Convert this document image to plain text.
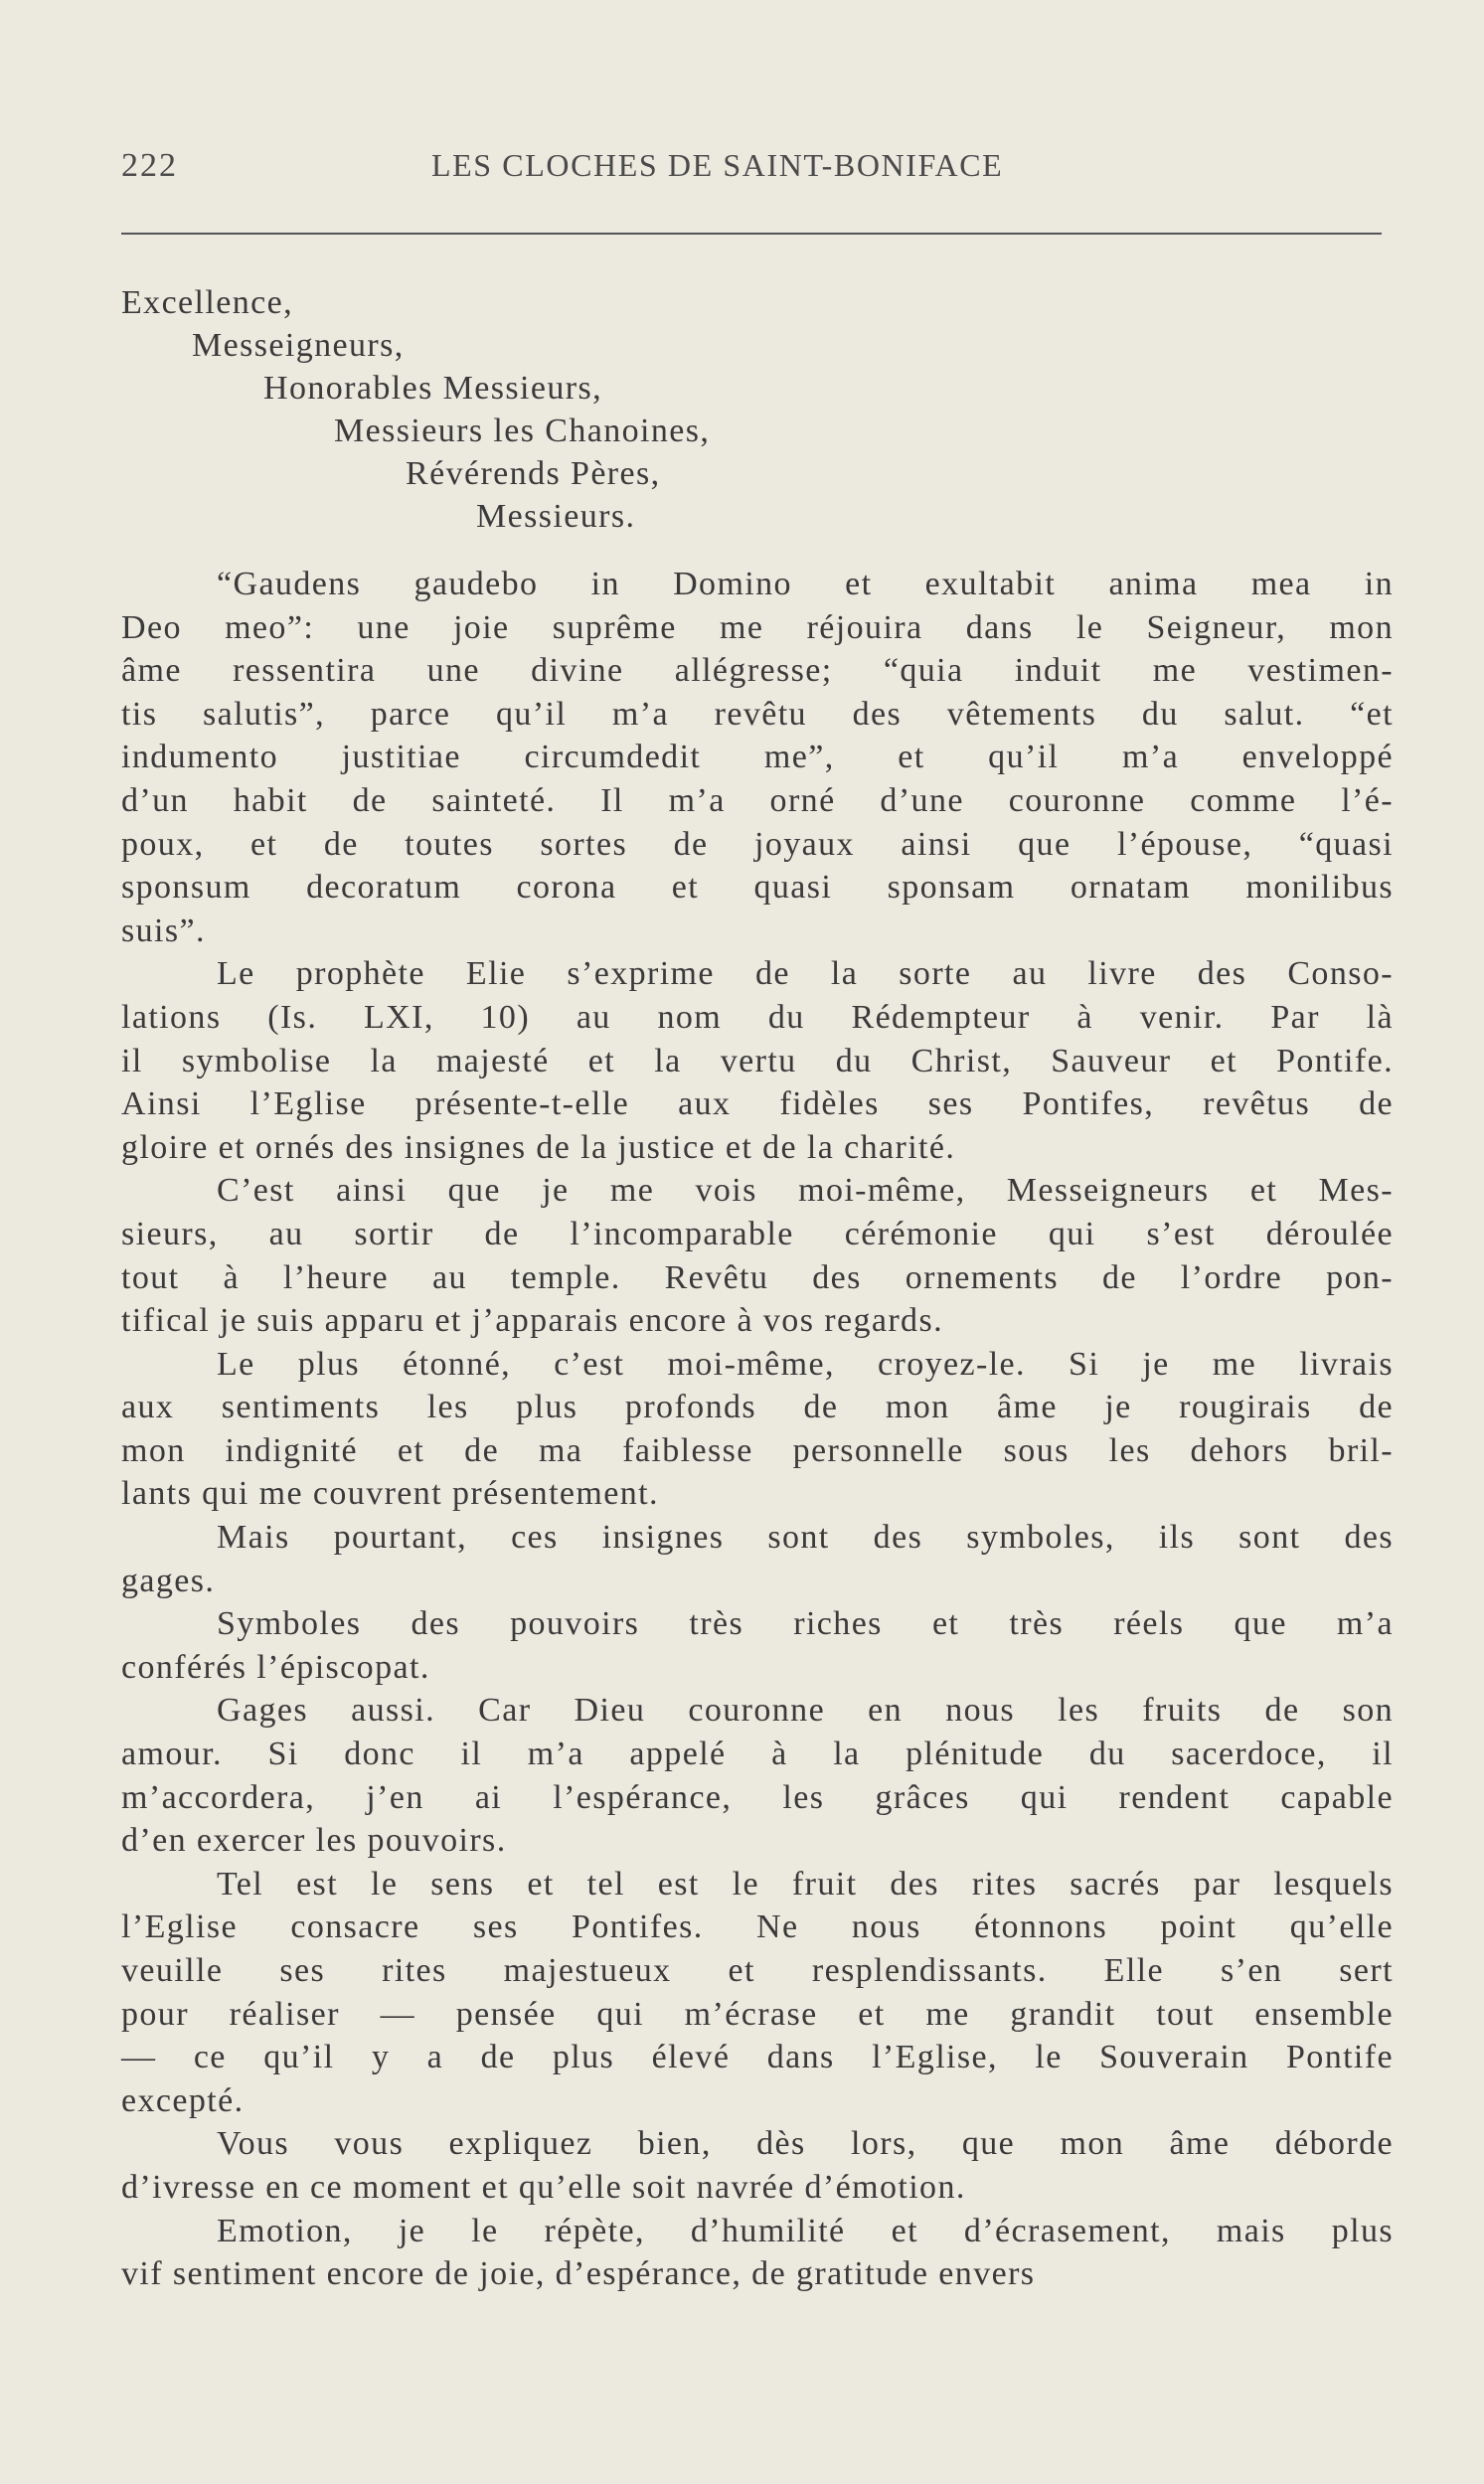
222	LES CLOCHES DE SAINT-BONIFACE
Excellence,
Messeigneurs,
Honorables Messieurs,
Messieurs les Chanoines,
Révérends Pères,
Messieurs.
“Gaudens gaudebo in Domino et exultabit anima mea in
Deo meo”: une joie suprême me réjouira dans le Seigneur, mon
âme ressentira une divine allégresse; “quia induit me vestimen-
tis salutis”, parce qu’il m’a revêtu des vêtements du salut. “et
indumento justitiae circumdedit me”, et qu’il m’a enveloppé
d’un habit de sainteté. Il m’a orné d’une couronne comme l’é-
poux, et de toutes sortes de joyaux ainsi que l’épouse, “quasi
sponsum decoratum corona et quasi sponsam ornatam monilibus
suis”.
Le prophète Elie s’exprime de la sorte au livre des Conso-
lations (Is. LXI, 10) au nom du Rédempteur à venir. Par là
il symbolise la majesté et la vertu du Christ, Sauveur et Pontife.
Ainsi l’Eglise présente-t-elle aux fidèles ses Pontifes, revêtus de
gloire et ornés des insignes de la justice et de la charité.
C’est ainsi que je me vois moi-même, Messeigneurs et Mes-
sieurs, au sortir de l’incomparable cérémonie qui s’est déroulée
tout à l’heure au temple. Revêtu des ornements de l’ordre pon-
tifical je suis apparu et j’apparais encore à vos regards.
Le plus étonné, c’est moi-même, croyez-le. Si je me livrais
aux sentiments les plus profonds de mon âme je rougirais de
mon indignité et de ma faiblesse personnelle sous les dehors bril-
lants qui me couvrent présentement.
Mais pourtant, ces insignes sont des symboles, ils sont des
gages.
Symboles des pouvoirs très riches et très réels que m’a
conférés l’épiscopat.
Gages aussi. Car Dieu couronne en nous les fruits de son
amour. Si donc il m’a appelé à la plénitude du sacerdoce, il
m’accordera, j’en ai l’espérance, les grâces qui rendent capable
d’en exercer les pouvoirs.
Tel est le sens et tel est le fruit des rites sacrés par lesquels
l’Eglise consacre ses Pontifes. Ne nous étonnons point qu’elle
veuille ses rites majestueux et resplendissants. Elle s’en sert
pour réaliser — pensée qui m’écrase et me grandit tout ensemble
— ce qu’il y a de plus élevé dans l’Eglise, le Souverain Pontife
excepté.
Vous vous expliquez bien, dès lors, que mon âme déborde
d’ivresse en ce moment et qu’elle soit navrée d’émotion.
Emotion, je le répète, d’humilité et d’écrasement, mais plus
vif sentiment encore de joie, d’espérance, de gratitude envers
